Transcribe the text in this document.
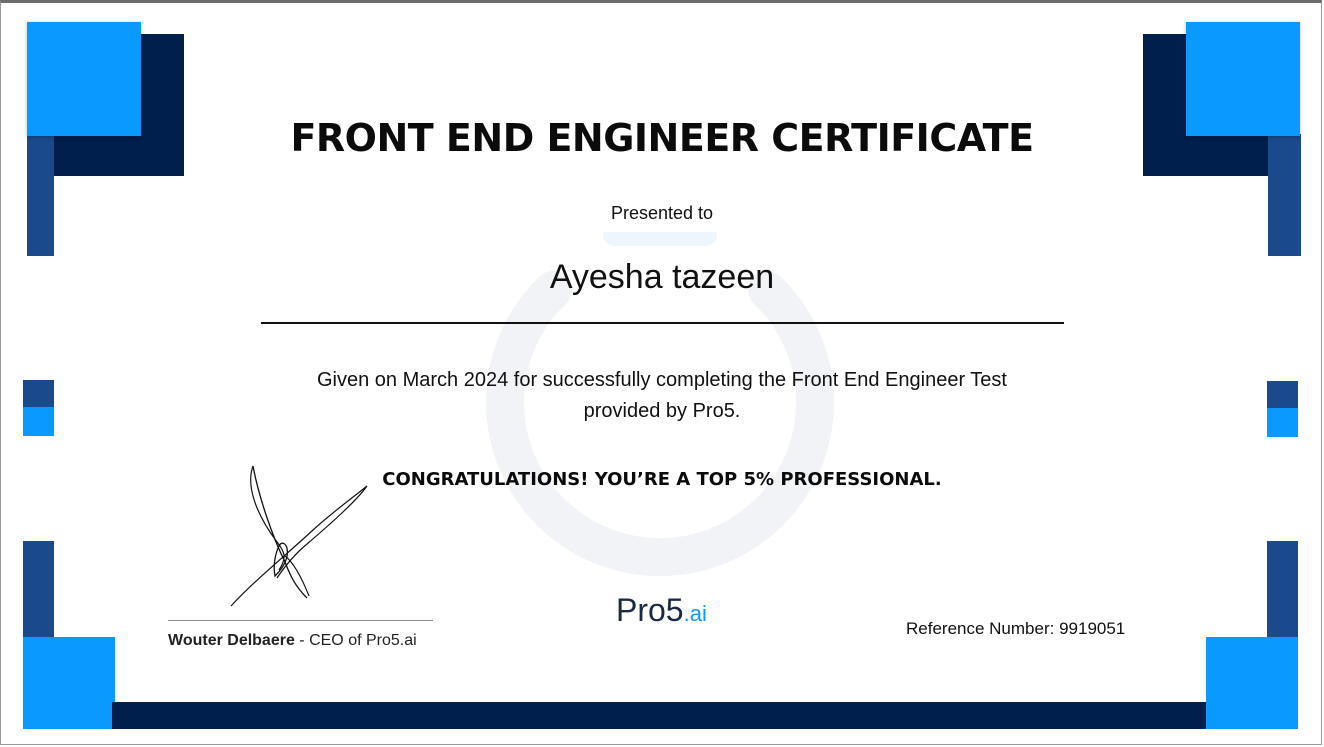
FRONT END ENGINEER CERTIFICATE
Presented to
Ayesha tazeen
Given on March 2024 for successfully completing the Front End Engineer Test
provided by Pro5.
CONGRATULATIONS! YOU’RE A TOP 5% PROFESSIONAL.
Wouter Delbaere - CEO of Pro5.ai
Pro5.ai
Reference Number: 9919051
